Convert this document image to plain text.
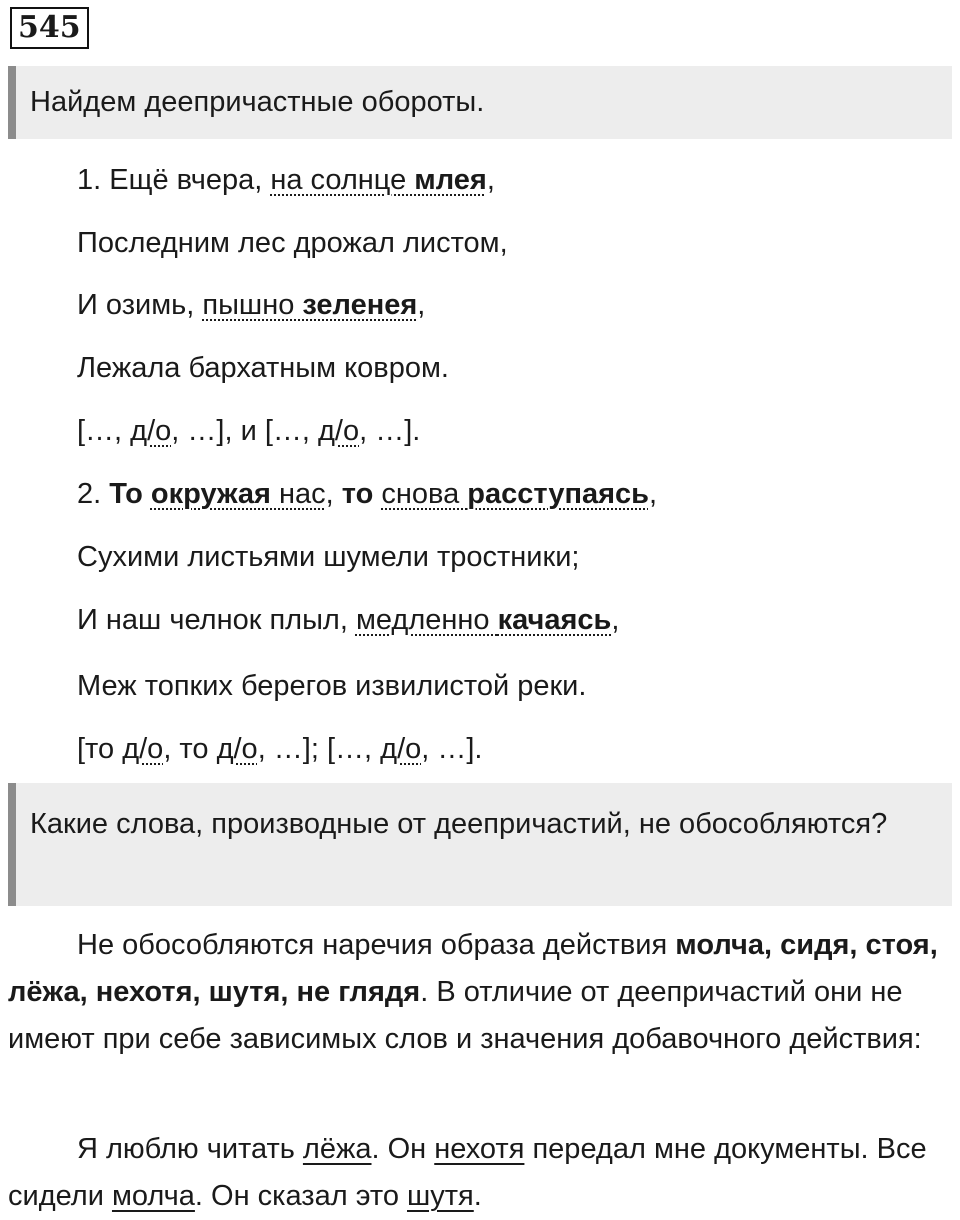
545
Найдем деепричастные обороты.
1. Ещё вчера, на солнце млея,
Последним лес дрожал листом,
И озимь, пышно зеленея,
Лежала бархатным ковром.
[…, д/о, …], и […, д/о, …].
2. То окружая нас, то снова расступаясь,
Сухими листьями шумели тростники;
И наш челнок плыл, медленно качаясь,
Меж топких берегов извилистой реки.
[то д/о, то д/о, …]; […, д/о, …].
Какие слова, производные от деепричастий, не обособляются?

Не обособляются наречия образа действия молча, сидя, стоя, лёжа, нехотя, шутя, не глядя. В отличие от деепричастий они не имеют при себе зависимых слов и значения добавочного действия:

Я люблю читать лёжа. Он нехотя передал мне документы. Все сидели молча. Он сказал это шутя.
